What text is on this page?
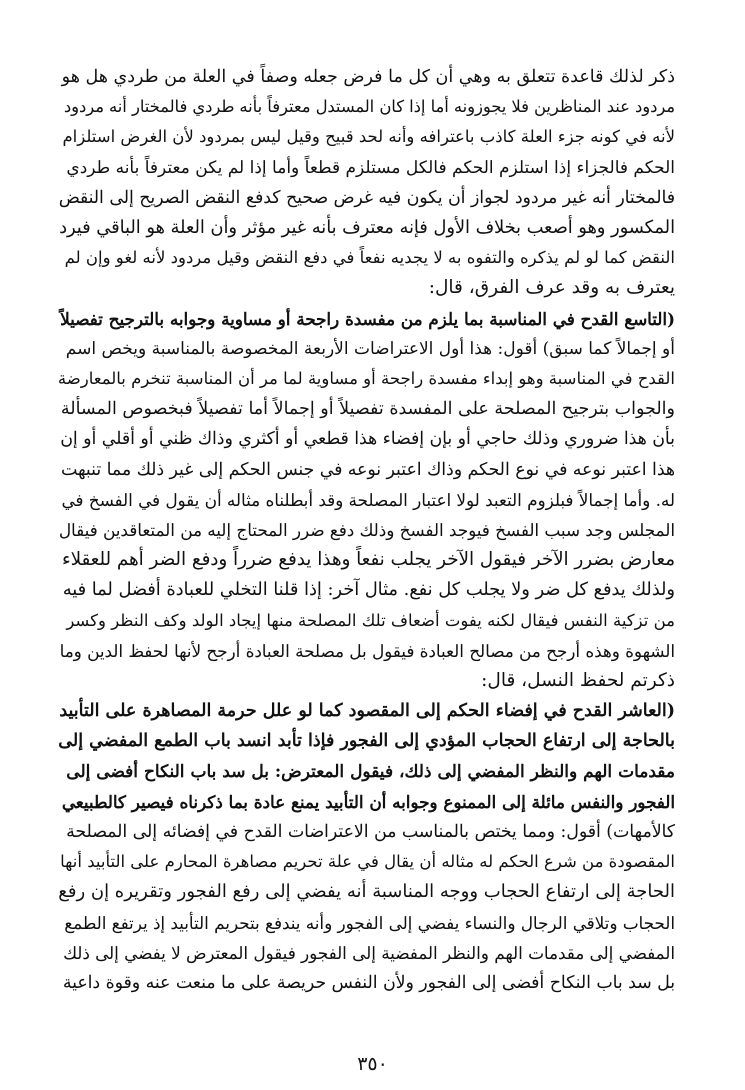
ذكر لذلك قاعدة تتعلق به وهي أن كل ما فرض جعله وصفاً في العلة من طردي هل هو
مردود عند المناظرين فلا يجوزونه أما إذا كان المستدل معترفاً بأنه طردي فالمختار أنه مردود
لأنه في كونه جزء العلة كاذب باعترافه وأنه لحد قبيح وقيل ليس بمردود لأن الغرض استلزام
الحكم فالجزاء إذا استلزم الحكم فالكل مستلزم قطعاً وأما إذا لم يكن معترفاً بأنه طردي
فالمختار أنه غير مردود لجواز أن يكون فيه غرض صحيح كدفع النقض الصريح إلى النقض
المكسور وهو أصعب بخلاف الأول فإنه معترف بأنه غير مؤثر وأن العلة هو الباقي فيرد
النقض كما لو لم يذكره والتفوه به لا يجديه نفعاً في دفع النقض وقيل مردود لأنه لغو وإن لم
يعترف به وقد عرف الفرق، قال:
(التاسع القدح في المناسبة بما يلزم من مفسدة راجحة أو مساوية وجوابه بالترجيح تفصيلاً
أو إجمالاً كما سبق) أقول: هذا أول الاعتراضات الأربعة المخصوصة بالمناسبة ويخص اسم
القدح في المناسبة وهو إبداء مفسدة راجحة أو مساوية لما مر أن المناسبة تنخرم بالمعارضة
والجواب بترجيح المصلحة على المفسدة تفصيلاً أو إجمالاً أما تفصيلاً فبخصوص المسألة
بأن هذا ضروري وذلك حاجي أو بإن إفضاء هذا قطعي أو أكثري وذاك ظني أو أقلي أو إن
هذا اعتبر نوعه في نوع الحكم وذاك اعتبر نوعه في جنس الحكم إلى غير ذلك مما تنبهت
له. وأما إجمالاً فبلزوم التعبد لولا اعتبار المصلحة وقد أبطلناه مثاله أن يقول في الفسخ في
المجلس وجد سبب الفسخ فيوجد الفسخ وذلك دفع ضرر المحتاج إليه من المتعاقدين فيقال
معارض بضرر الآخر فيقول الآخر يجلب نفعاً وهذا يدفع ضرراً ودفع الضر أهم للعقلاء
ولذلك يدفع كل ضر ولا يجلب كل نفع. مثال آخر: إذا قلنا التخلي للعبادة أفضل لما فيه
من تزكية النفس فيقال لكنه يفوت أضعاف تلك المصلحة منها إيجاد الولد وكف النظر وكسر
الشهوة وهذه أرجح من مصالح العبادة فيقول بل مصلحة العبادة أرجح لأنها لحفظ الدين وما
ذكرتم لحفظ النسل، قال:
(العاشر القدح في إفضاء الحكم إلى المقصود كما لو علل حرمة المصاهرة على التأبيد
بالحاجة إلى ارتفاع الحجاب المؤدي إلى الفجور فإذا تأبد انسد باب الطمع المفضي إلى
مقدمات الهم والنظر المفضي إلى ذلك، فيقول المعترض: بل سد باب النكاح أفضى إلى
الفجور والنفس مائلة إلى الممنوع وجوابه أن التأبيد يمنع عادة بما ذكرناه فيصير كالطبيعي
كالأمهات) أقول: ومما يختص بالمناسب من الاعتراضات القدح في إفضائه إلى المصلحة
المقصودة من شرع الحكم له مثاله أن يقال في علة تحريم مصاهرة المحارم على التأبيد أنها
الحاجة إلى ارتفاع الحجاب ووجه المناسبة أنه يفضي إلى رفع الفجور وتقريره إن رفع
الحجاب وتلاقي الرجال والنساء يفضي إلى الفجور وأنه يندفع بتحريم التأبيد إذ يرتفع الطمع
المفضي إلى مقدمات الهم والنظر المفضية إلى الفجور فيقول المعترض لا يفضي إلى ذلك
بل سد باب النكاح أفضى إلى الفجور ولأن النفس حريصة على ما منعت عنه وقوة داعية
٣٥٠
